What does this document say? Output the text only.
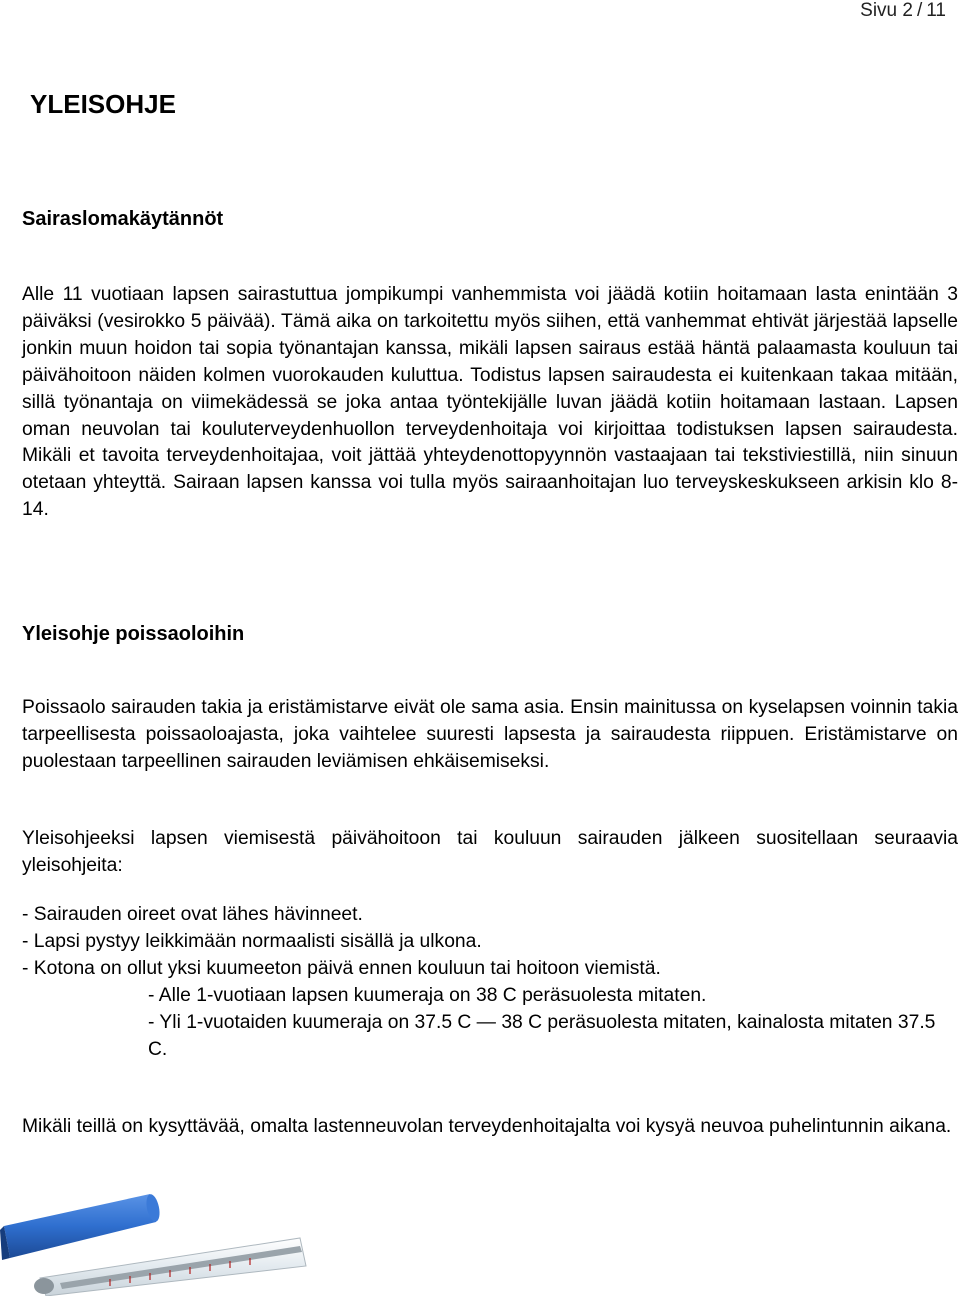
Sivu 2 / 11
YLEISOHJE
Sairaslomakäytännöt

Alle 11 vuotiaan lapsen sairastuttua jompikumpi vanhemmista voi jäädä kotiin hoitamaan lasta enintään 3 päiväksi (vesirokko 5 päivää). Tämä aika on tarkoitettu myös siihen, että vanhemmat ehtivät järjestää lapselle jonkin muun hoidon tai sopia työnantajan kanssa, mikäli lapsen sairaus estää häntä palaamasta kouluun tai päivähoitoon näiden kolmen vuorokauden kuluttua. Todistus lapsen sairaudesta ei kuitenkaan takaa mitään, sillä työnantaja on viimekädessä se joka antaa työntekijälle luvan jäädä kotiin hoitamaan lastaan. Lapsen oman neuvolan tai kouluterveydenhuollon terveydenhoitaja voi kirjoittaa todistuksen lapsen sairaudesta. Mikäli et tavoita terveydenhoitajaa, voit jättää yhteydenottopyynnön vastaajaan tai tekstiviestillä, niin sinuun otetaan yhteyttä. Sairaan lapsen kanssa voi tulla myös sairaanhoitajan luo terveyskeskukseen arkisin klo 8-14.

Yleisohje poissaoloihin

Poissaolo sairauden takia ja eristämistarve eivät ole sama asia. Ensin mainitussa on kyselapsen voinnin takia tarpeellisesta poissaoloajasta, joka vaihtelee suuresti lapsesta ja sairaudesta riippuen. Eristämistarve on puolestaan tarpeellinen sairauden leviämisen ehkäisemiseksi.

Yleisohjeeksi lapsen viemisestä päivähoitoon tai kouluun sairauden jälkeen suositellaan seuraavia yleisohjeita:

- Sairauden oireet ovat lähes hävinneet.
- Lapsi pystyy leikkimään normaalisti sisällä ja ulkona.
- Kotona on ollut yksi kuumeeton päivä ennen kouluun tai hoitoon viemistä.
- Alle 1-vuotiaan lapsen kuumeraja on 38 C peräsuolesta mitaten.
- Yli 1-vuotaiden kuumeraja on 37.5 C — 38 C peräsuolesta mitaten, kainalosta mitaten 37.5 C.

Mikäli teillä on kysyttävää, omalta lastenneuvolan terveydenhoitajalta voi kysyä neuvoa puhelintunnin aikana.
